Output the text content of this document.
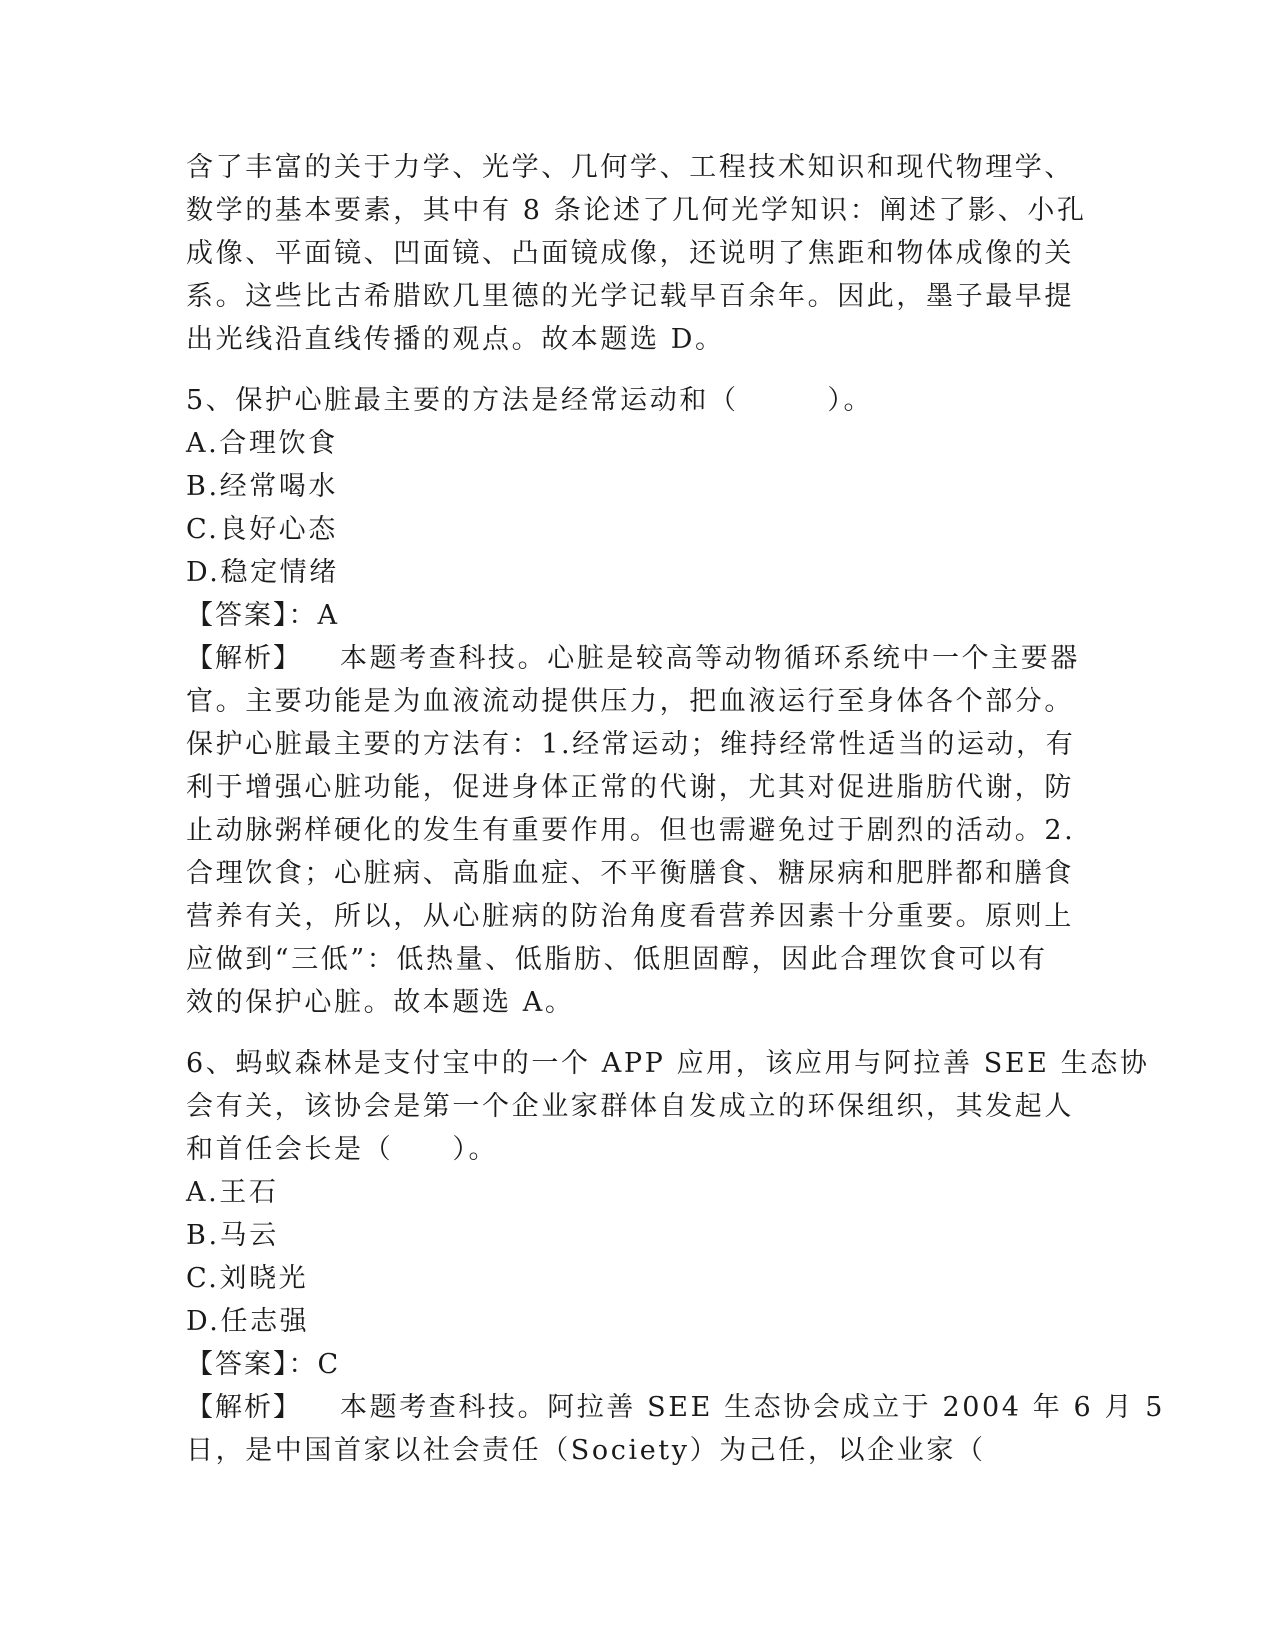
含了丰富的关于力学、光学、几何学、工程技术知识和现代物理学、
数学的基本要素，其中有 8 条论述了几何光学知识：阐述了影、小孔
成像、平面镜、凹面镜、凸面镜成像，还说明了焦距和物体成像的关
系。这些比古希腊欧几里德的光学记载早百余年。因此，墨子最早提
出光线沿直线传播的观点。故本题选 D。
5、保护心脏最主要的方法是经常运动和（　　　）。
A.合理饮食
B.经常喝水
C.良好心态
D.稳定情绪
【答案】：A
【解析】 本题考查科技。心脏是较高等动物循环系统中一个主要器
官。主要功能是为血液流动提供压力，把血液运行至身体各个部分。
保护心脏最主要的方法有：1.经常运动；维持经常性适当的运动，有
利于增强心脏功能，促进身体正常的代谢，尤其对促进脂肪代谢，防
止动脉粥样硬化的发生有重要作用。但也需避免过于剧烈的活动。2.
合理饮食；心脏病、高脂血症、不平衡膳食、糖尿病和肥胖都和膳食
营养有关，所以，从心脏病的防治角度看营养因素十分重要。原则上
应做到“三低”：低热量、低脂肪、低胆固醇，因此合理饮食可以有
效的保护心脏。故本题选 A。
6、蚂蚁森林是支付宝中的一个 APP 应用，该应用与阿拉善 SEE 生态协
会有关，该协会是第一个企业家群体自发成立的环保组织，其发起人
和首任会长是（　　）。
A.王石
B.马云
C.刘晓光
D.任志强
【答案】：C
【解析】 本题考查科技。阿拉善 SEE 生态协会成立于 2004 年 6 月 5
日，是中国首家以社会责任（Society）为己任，以企业家（
